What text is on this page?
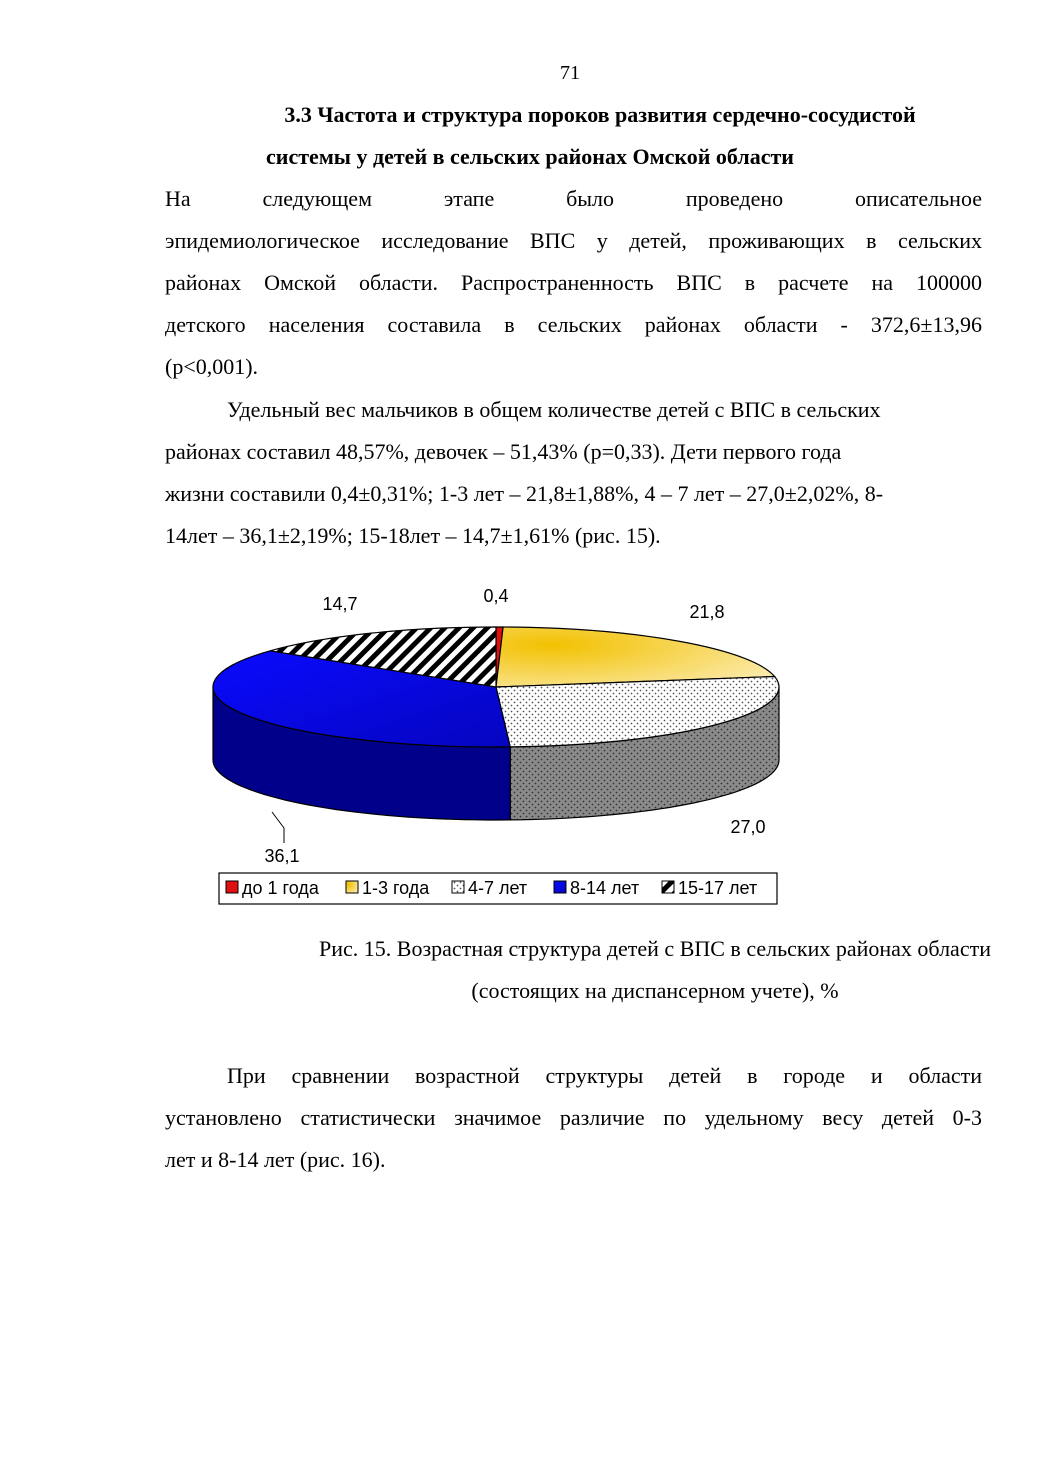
71
3.3 Частота и структура пороков развития сердечно-сосудистой
системы у детей в сельских районах Омской области
На следующем этапе было проведено описательное
эпидемиологическое исследование ВПС у детей, проживающих в сельских
районах Омской области. Распространенность ВПС в расчете на 100000
детского населения составила в сельских районах области - 372,6±13,96
(p<0,001).
Удельный вес мальчиков в общем количестве детей с ВПС в сельских
районах составил 48,57%, девочек – 51,43% (p=0,33). Дети первого года
жизни составили 0,4±0,31%; 1-3 лет – 21,8±1,88%, 4 – 7 лет – 27,0±2,02%, 8-
14лет – 36,1±2,19%; 15-18лет – 14,7±1,61% (рис. 15).
0,4
21,8
27,0
36,1
14,7
до 1 года 1-3 года 4-7 лет 8-14 лет 15-17 лет
Рис. 15. Возрастная структура детей с ВПС в сельских районах области
(состоящих на диспансерном учете), %
При сравнении возрастной структуры детей в городе и области
установлено статистически значимое различие по удельному весу детей 0-3
лет и 8-14 лет (рис. 16).
